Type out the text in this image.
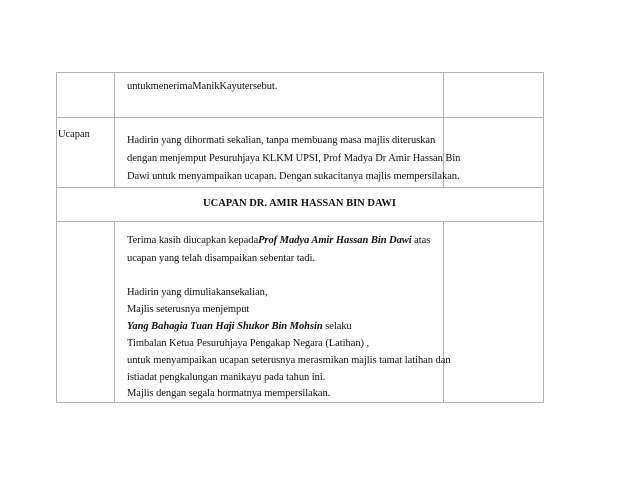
untukmenerimaManikKayutersebut.
Ucapan
Hadirin yang dihormati sekalian, tanpa membuang masa majlis diteruskan
dengan menjemput Pesuruhjaya KLKM UPSI, Prof Madya Dr Amir Hassan Bin
Dawi untuk menyampaikan ucapan. Dengan sukacitanya majlis mempersilakan.
UCAPAN DR. AMIR HASSAN BIN DAWI
Terima kasih diucapkan kepadaProf Madya Amir Hassan Bin Dawi atas
ucapan yang telah disampaikan sebentar tadi.
Hadirin yang dimuliakansekalian,
Majlis seterusnya menjemput
Yang Bahagia Tuan Haji Shukor Bin Mohsin selaku
Timbalan Ketua Pesuruhjaya Pengakap Negara (Latihan) ,
untuk menyampaikan ucapan seterusnya merasmikan majlis tamat latihan dan
istiadat pengkalungan manikayu pada tahun ini.
Majlis dengan segala hormatnya mempersilakan.
